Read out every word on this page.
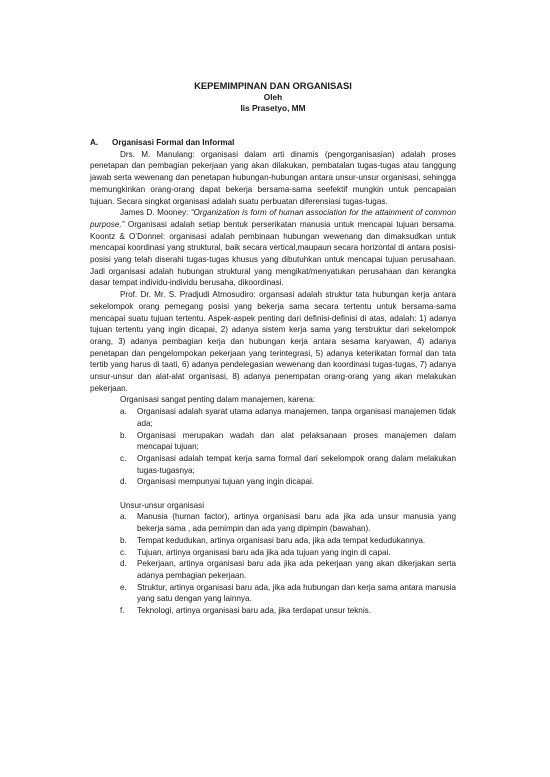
KEPEMIMPINAN DAN ORGANISASI

Oleh

Iis Prasetyo, MM

A.	Organisasi Formal dan Informal

Drs. M. Manulang: organisasi dalam arti dinamis (pengorganisasian) adalah proses penetapan dan pembagian pekerjaan yang akan dilakukan, pembatalan tugas-tugas atau tanggung jawab serta wewenang dan penetapan hubungan-hubungan antara unsur-unsur organisasi, sehingga memungkinkan orang-orang dapat bekerja bersama-sama seefektif mungkin untuk pencapaian tujuan. Secara singkat organisasi adalah suatu perbuatan diferensiasi tugas-tugas.

James D. Mooney: “Organization is form of human association for the attainment of common purpose.” Organisasi adalah setiap bentuk perserikatan manusia untuk mencapai tujuan bersama. Koontz & O’Donnel: organisasi adalah pembinaan hubungan wewenang dan dimaksudkan untuk mencapai koordinasi yang struktural, baik secara vertical,maupaun secara horizontal di antara posisi-posisi yang telah diserahi tugas-tugas khusus yang dibutuhkan untuk mencapai tujuan perusahaan. Jadi organisasi adalah hubungan struktural yang mengikat/menyatukan perusahaan dan kerangka dasar tempat individu-individu berusaha, dikoordinasi.

Prof. Dr. Mr. S. Pradjudi Atmosudiro: organsasi adalah struktur tata hubungan kerja antara sekelompok orang pemegang posisi yang bekerja sama secara tertentu untuk bersama-sama mencapai suatu tujuan tertentu. Aspek-aspek penting dari definisi-definisi di atas, adalah: 1) adanya tujuan tertentu yang ingin dicapai, 2) adanya sistem kerja sama yang terstruktur dari sekelompok orang, 3) adanya pembagian kerja dan hubungan kerja antara sesama karyawan, 4) adanya penetapan dan pengelompokan pekerjaan yang terintegrasi, 5) adanya keterikatan formal dan tata tertib yang harus di taati, 6) adanya pendelegasian wewenang dan koordinasi tugas-tugas, 7) adanya unsur-unsur dan alat-alat organisasi, 8) adanya penempatan orang-orang yang akan melakukan pekerjaan.

Organisasi sangat penting dalam manajemen, karena:

a.	Organisasi adalah syarat utama adanya manajemen, tanpa organisasi manajemen tidak ada;
b.	Organisasi merupakan wadah dan alat pelaksanaan proses manajemen dalam mencapai tujuan;
c.	Organisasi adalah tempat kerja sama formal dari sekelompok orang dalam melakukan tugas-tugasnya;
d.	Organisasi mempunyai tujuan yang ingin dicapai.

Unsur-unsur organisasi

a.	Manusia (human factor), artinya organisasi baru ada jika ada unsur manusia yang bekerja sama , ada pemimpin dan ada yang dipimpin (bawahan).
b.	Tempat kedudukan, artinya organisasi baru ada, jika ada tempat kedudukannya.
c.	Tujuan, artinya organisasi baru ada jika ada tujuan yang ingin di capai.
d.	Pekerjaan, artinya organisasi baru ada jika ada pekerjaan yang akan dikerjakan serta adanya pembagian pekerjaan.
e.	Struktur, artinya organisasi baru ada, jika ada hubungan dan kerja sama antara manusia yang satu dengan yang lainnya.
f.	Teknologi, artinya organisasi baru ada, jika terdapat unsur teknis.
